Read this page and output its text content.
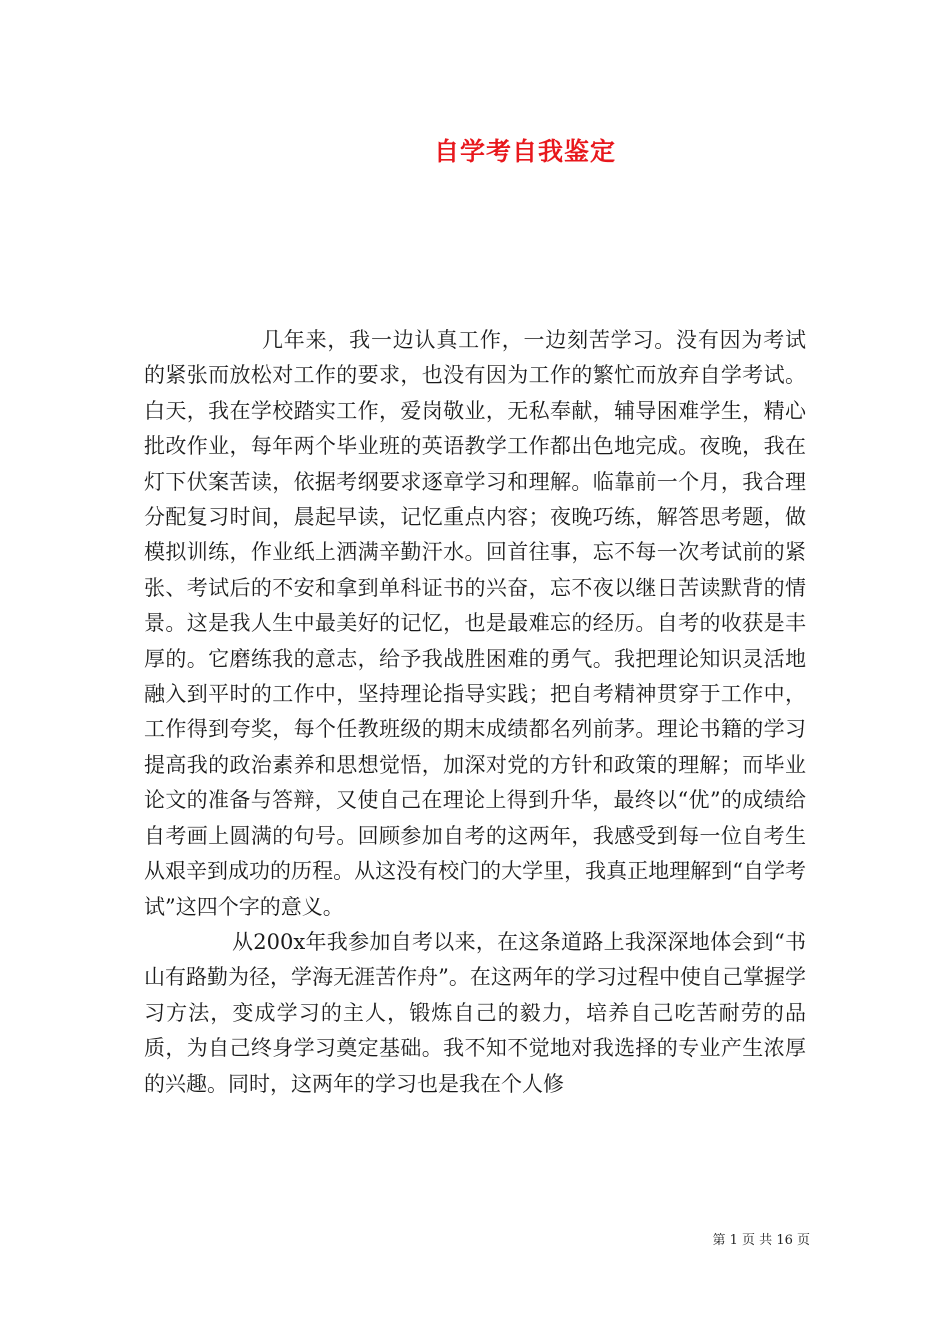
自学考自我鉴定

几年来，我一边认真工作，一边刻苦学习。没有因为考试的紧张而放松对工作的要求，也没有因为工作的繁忙而放弃自学考试。白天，我在学校踏实工作，爱岗敬业，无私奉献，辅导困难学生，精心批改作业，每年两个毕业班的英语教学工作都出色地完成。夜晚，我在灯下伏案苦读，依据考纲要求逐章学习和理解。临靠前一个月，我合理分配复习时间，晨起早读，记忆重点内容；夜晚巧练，解答思考题，做模拟训练，作业纸上洒满辛勤汗水。回首往事，忘不每一次考试前的紧张、考试后的不安和拿到单科证书的兴奋，忘不夜以继日苦读默背的情景。这是我人生中最美好的记忆，也是最难忘的经历。自考的收获是丰厚的。它磨练我的意志，给予我战胜困难的勇气。我把理论知识灵活地融入到平时的工作中，坚持理论指导实践；把自考精神贯穿于工作中，工作得到夸奖，每个任教班级的期末成绩都名列前茅。理论书籍的学习提高我的政治素养和思想觉悟，加深对党的方针和政策的理解；而毕业论文的准备与答辩，又使自己在理论上得到升华，最终以“优”的成绩给自考画上圆满的句号。回顾参加自考的这两年，我感受到每一位自考生从艰辛到成功的历程。从这没有校门的大学里，我真正地理解到“自学考试”这四个字的意义。

从200x年我参加自考以来，在这条道路上我深深地体会到“书山有路勤为径，学海无涯苦作舟”。在这两年的学习过程中使自己掌握学习方法，变成学习的主人，锻炼自己的毅力，培养自己吃苦耐劳的品质，为自己终身学习奠定基础。我不知不觉地对我选择的专业产生浓厚的兴趣。同时，这两年的学习也是我在个人修

第 1 页 共 16 页
